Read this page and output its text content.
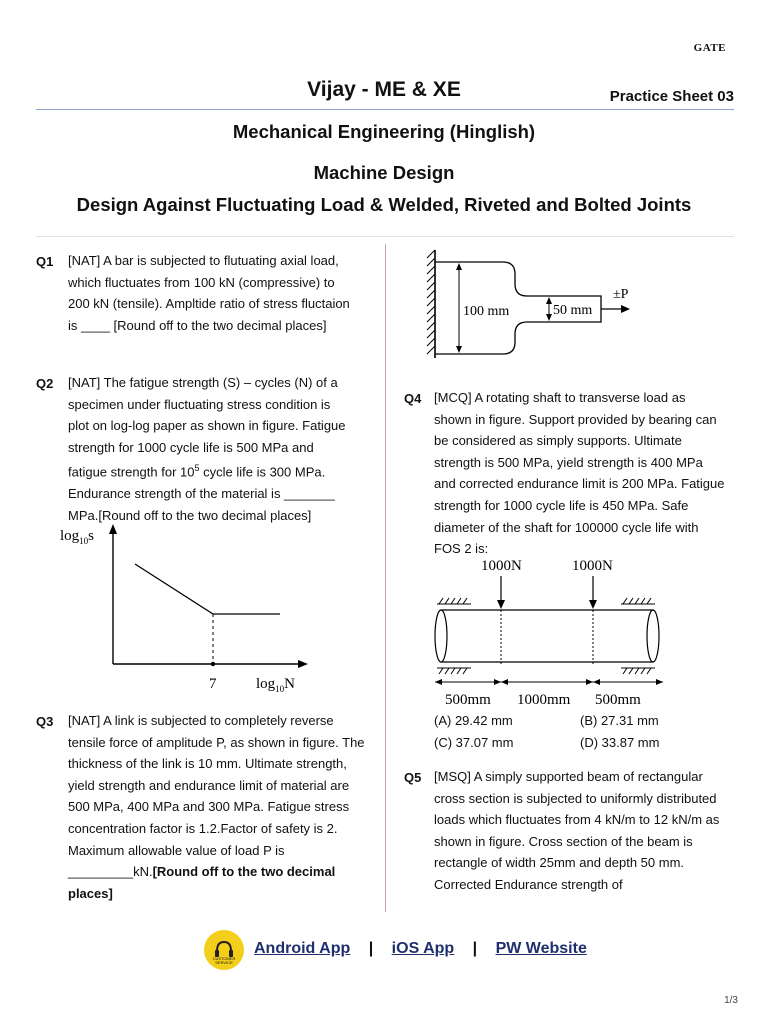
GATE
Vijay - ME & XE	Practice Sheet 03
Mechanical Engineering (Hinglish)
Machine Design
Design Against Fluctuating Load & Welded, Riveted and Bolted Joints
Q1 [NAT] A bar is subjected to flutuating axial load, which fluctuates from 100 kN (compressive) to 200 kN (tensile). Ampltide ratio of stress fluctaion is ____ [Round off to the two decimal places]
Q2 [NAT] The fatigue strength (S) – cycles (N) of a
specimen under fluctuating stress condition is
plot on log-log paper as shown in figure. Fatigue
strength for 1000 cycle life is 500 MPa and
fatigue strength for $10^5$ cycle life is 300 MPa.
Endurance strength of the material is _______
MPa.[Round off to the two decimal places]
$\log_{10}s$
7	$\log_{10}N$
Q3 [NAT] A link is subjected to completely reverse tensile force of amplitude P, as shown in figure. The thickness of the link is 10 mm. Ultimate strength, yield strength and endurance limit of material are 500 MPa, 400 MPa and 300 MPa. Fatigue stress concentration factor is 1.2.Factor of safety is 2. Maximum allowable value of load P is _________kN.[Round off to the two decimal places]
100 mm	50 mm
±P
Q4 [MCQ] A rotating shaft to transverse load as shown in figure. Support provided by bearing can be considered as simply supports. Ultimate strength is 500 MPa, yield strength is 400 MPa and corrected endurance limit is 200 MPa. Fatigue strength for 1000 cycle life is 450 MPa. Safe diameter of the shaft for 100000 cycle life with FOS 2 is:
1000N	1000N
500mm 1000mm 500mm
(A) 29.42 mm	(B) 27.31 mm
(C) 37.07 mm	(D) 33.87 mm
Q5 [MSQ] A simply supported beam of rectangular cross section is subjected to uniformly distributed loads which fluctuates from 4 kN/m to 12 kN/m as shown in figure. Cross section of the beam is rectangle of width 25mm and depth 50 mm. Corrected Endurance strength of
CUSTOMER SERVICE
Android App | iOS App | PW Website
1/3
